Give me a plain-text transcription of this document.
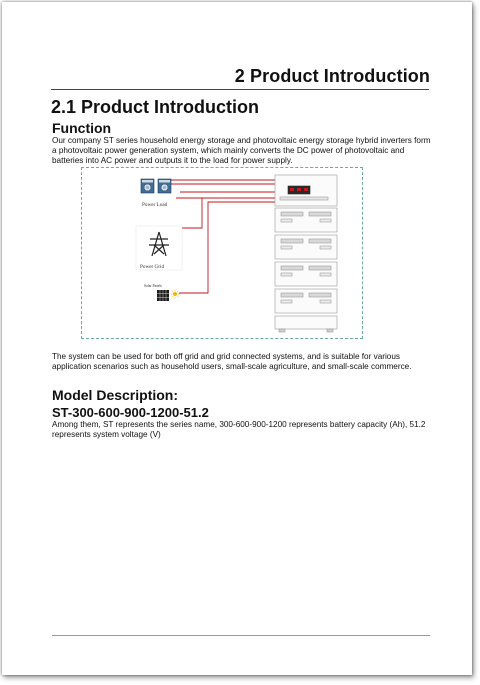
2 Product Introduction
2.1 Product Introduction
Function
Our company ST series household energy storage and photovoltaic energy storage hybrid inverters form a photovoltaic power generation system, which mainly converts the DC power of photovoltaic and batteries into AC power and outputs it to the load for power supply.
Power Load
Power Grid
Solar Panels
The system can be used for both off grid and grid connected systems, and is suitable for various application scenarios such as household users, small-scale agriculture, and small-scale commerce.
Model Description:
ST-300-600-900-1200-51.2
Among them, ST represents the series name, 300-600-900-1200 represents battery capacity (Ah), 51.2 represents system voltage (V)
